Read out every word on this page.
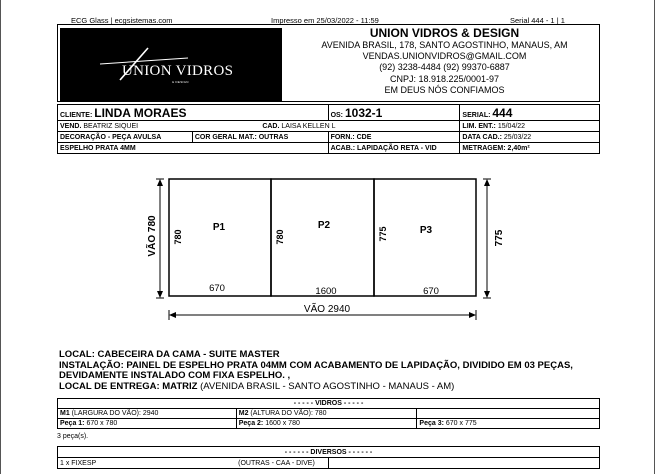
ECG Glass | ecgsistemas.com	Impresso em 25/03/2022 - 11:59	Serial 444 - 1 | 1
UNION VIDROS
& DESIGN
UNION VIDROS & DESIGN
AVENIDA BRASIL, 178, SANTO AGOSTINHO, MANAUS, AM
VENDAS.UNIONVIDROS@GMAIL.COM
(92) 3238-4484 (92) 99370-6887
CNPJ: 18.918.225/0001-97
EM DEUS NÓS CONFIAMOS
CLIENTE: LINDA MORAES		OS: 1032-1	SERIAL: 444
VEND. BEATRIZ SIQUEI	CAD. LAISA KELLEN L		LIM. ENT.: 15/04/22
DECORAÇÃO - PEÇA AVULSA	COR GERAL MAT.: OUTRAS	FORN.: CDE	DATA CAD.: 25/03/22
ESPELHO PRATA 4MM		ACAB.: LAPIDAÇÃO RETA - VID	METRAGEM: 2,40m²
VÃO 780	775
VÃO 2940
P1	P2	P3
780	780	775
670	1600	670
LOCAL: CABECEIRA DA CAMA - SUITE MASTER
INSTALAÇÃO: PAINEL DE ESPELHO PRATA 04MM COM ACABAMENTO DE LAPIDAÇÃO, DIVIDIDO EM 03 PEÇAS, DEVIDAMENTE INSTALADO COM FIXA ESPELHO. ,
LOCAL DE ENTREGA: MATRIZ (AVENIDA BRASIL - SANTO AGOSTINHO - MANAUS - AM)
- - - - - VIDROS - - - - -		
M1 (LARGURA DO VÃO): 2940	M2 (ALTURA DO VÃO): 780	
Peça 1: 670 x 780	Peça 2: 1600 x 780	Peça 3: 670 x 775
3 peça(s).
- - - - - - DIVERSOS - - - - - -
1 x FIXESP	(OUTRAS - CAA - DIVE)	
